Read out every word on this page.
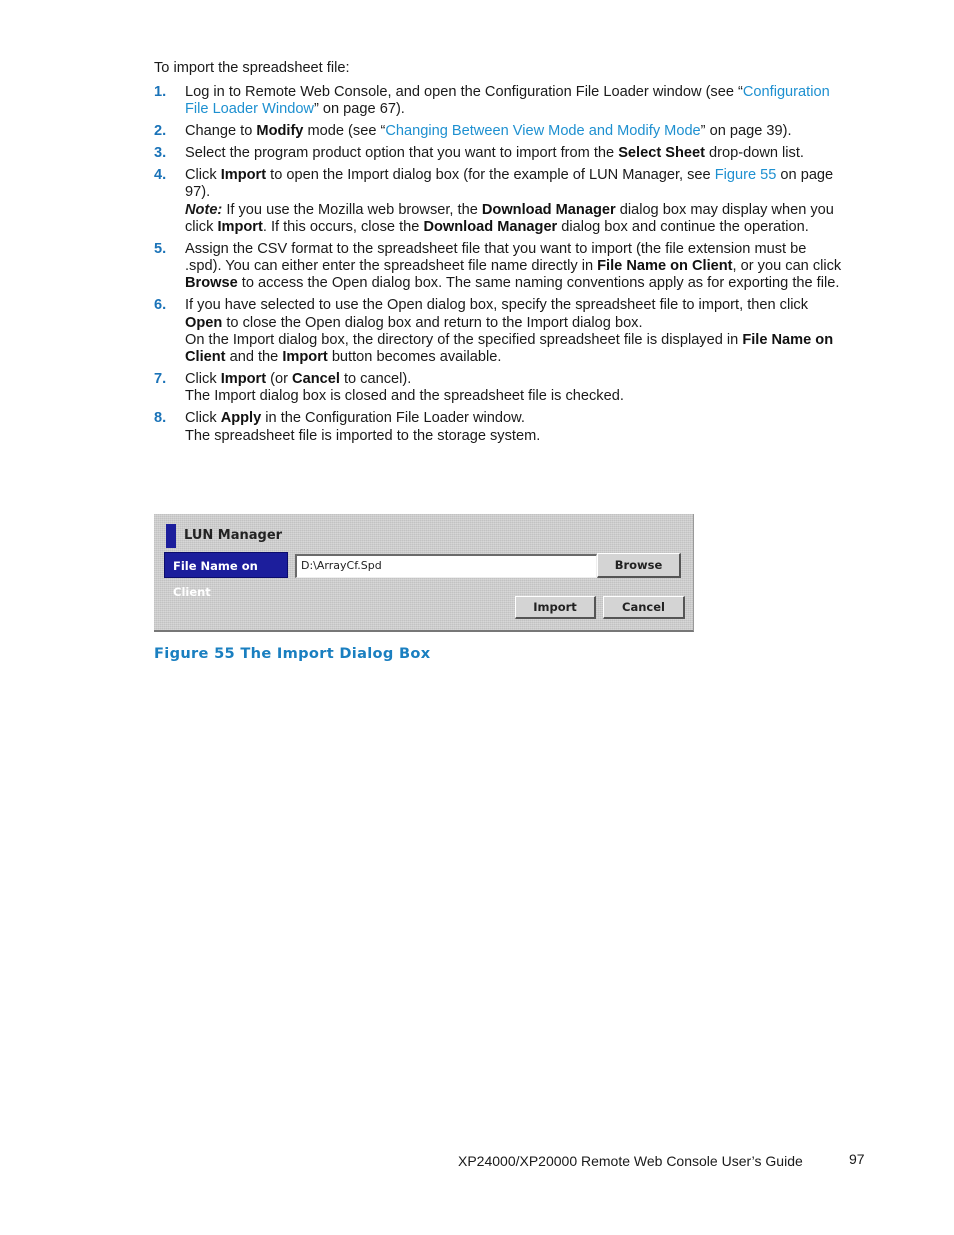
To import the spreadsheet file:
1. Log in to Remote Web Console, and open the Configuration File Loader window (see “Configuration File Loader Window” on page 67).
2. Change to Modify mode (see “Changing Between View Mode and Modify Mode” on page 39).
3. Select the program product option that you want to import from the Select Sheet drop-down list.
4. Click Import to open the Import dialog box (for the example of LUN Manager, see Figure 55 on page 97).
Note: If you use the Mozilla web browser, the Download Manager dialog box may display when you click Import. If this occurs, close the Download Manager dialog box and continue the operation.
5. Assign the CSV format to the spreadsheet file that you want to import (the file extension must be .spd). You can either enter the spreadsheet file name directly in File Name on Client, or you can click Browse to access the Open dialog box. The same naming conventions apply as for exporting the file.
6. If you have selected to use the Open dialog box, specify the spreadsheet file to import, then click Open to close the Open dialog box and return to the Import dialog box.
On the Import dialog box, the directory of the specified spreadsheet file is displayed in File Name on Client and the Import button becomes available.
7. Click Import (or Cancel to cancel).
The Import dialog box is closed and the spreadsheet file is checked.
8. Click Apply in the Configuration File Loader window.
The spreadsheet file is imported to the storage system.
LUN Manager
File Name on Client
D:\ArrayCf.Spd	Browse
Import	Cancel
Figure 55 The Import Dialog Box
XP24000/XP20000 Remote Web Console User’s Guide	97
